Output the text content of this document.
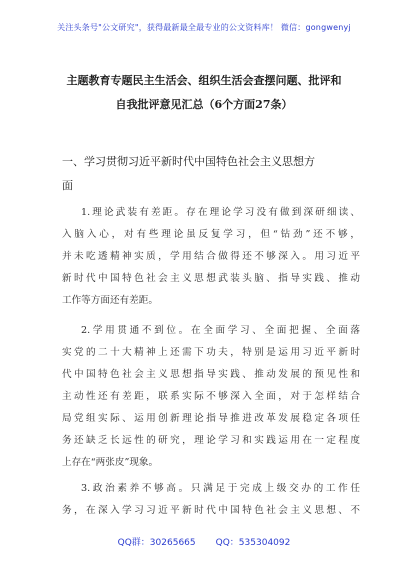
关注头条号"公文研究"，获得最新最全最专业的公文资料库！ 微信：gongwenyj
主题教育专题民主生活会、组织生活会查摆问题、批评和
自我批评意见汇总（6个方面27条）
一、学习贯彻习近平新时代中国特色社会主义思想方
面
1.理论武装有差距。存在理论学习没有做到深研细读、
入脑入心，对有些理论虽反复学习，但“钻劲”还不够，
并未吃透精神实质，学用结合做得还不够深入。用习近平
新时代中国特色社会主义思想武装头脑、指导实践、推动
工作等方面还有差距。
2.学用贯通不到位。在全面学习、全面把握、全面落
实党的二十大精神上还需下功夫，特别是运用习近平新时
代中国特色社会主义思想指导实践、推动发展的预见性和
主动性还有差距，联系实际不够深入全面，对于怎样结合
局党组实际、运用创新理论指导推进改革发展稳定各项任
务还缺乏长远性的研究，理论学习和实践运用在一定程度
上存在“两张皮”现象。
3.政治素养不够高。只满足于完成上级交办的工作任
务，在深入学习习近平新时代中国特色社会主义思想、不
QQ群：30265665       QQ：535304092
